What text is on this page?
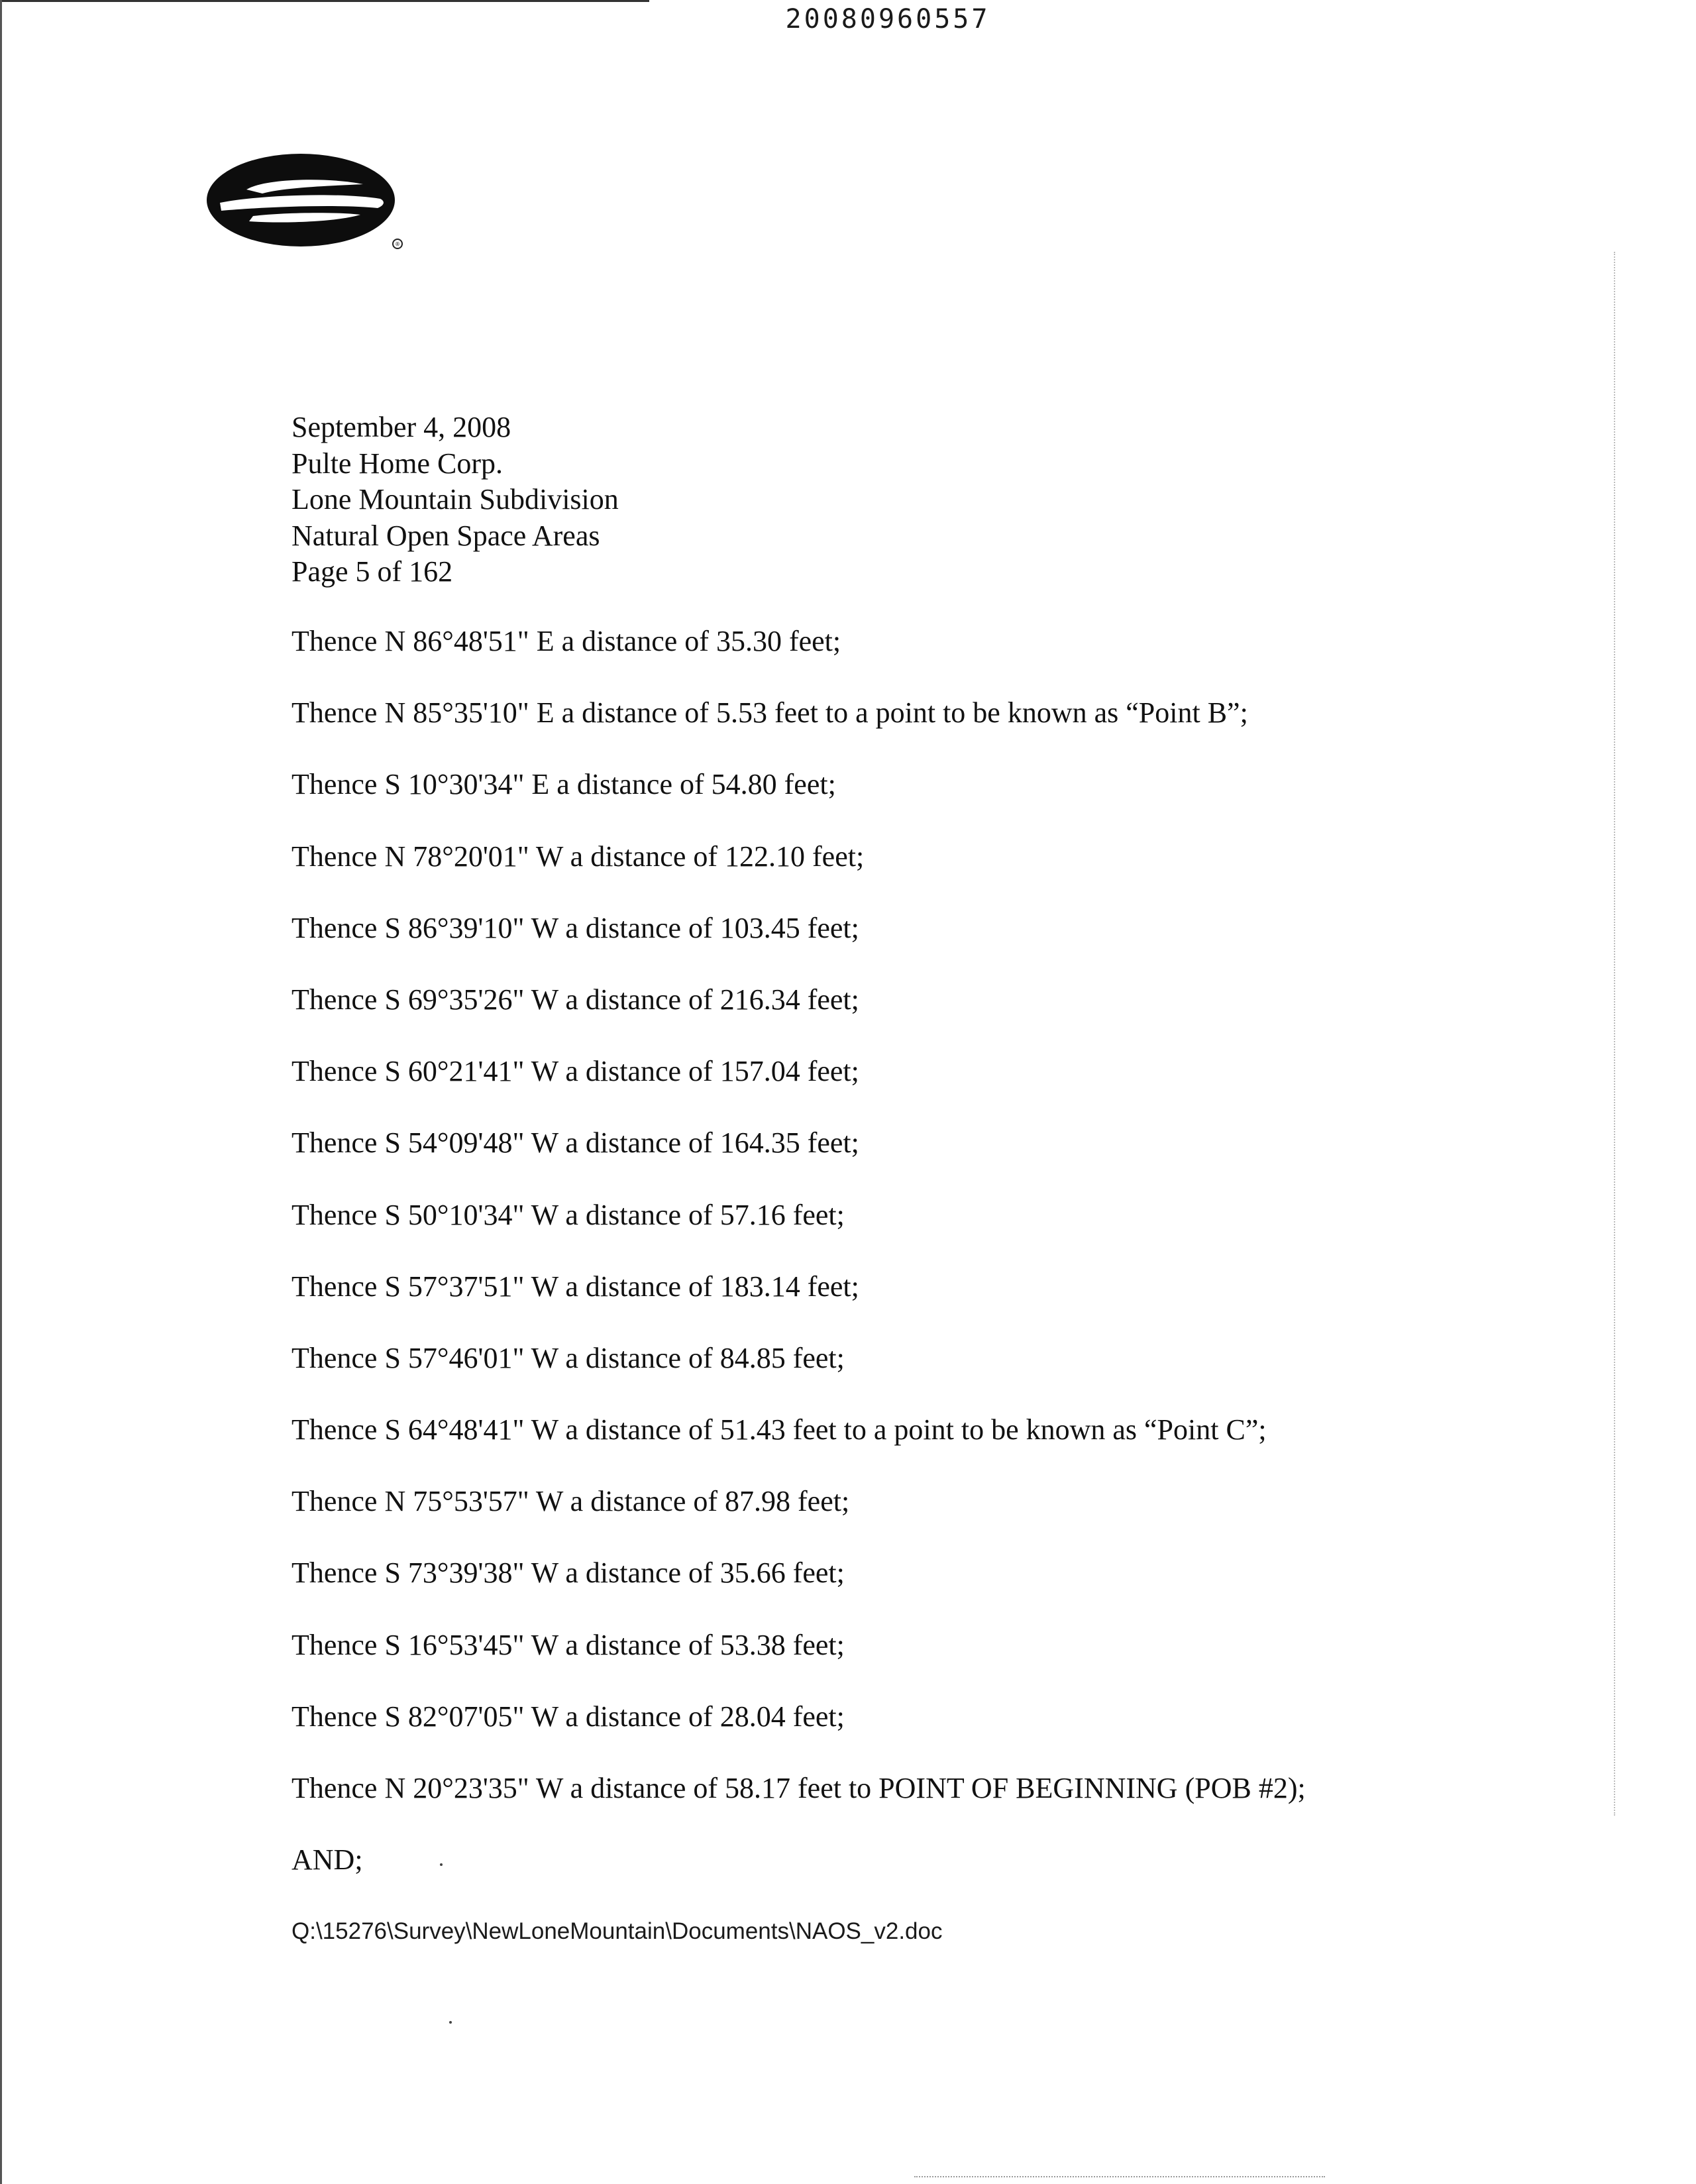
20080960557
®
September 4, 2008
Pulte Home Corp.
Lone Mountain Subdivision
Natural Open Space Areas
Page 5 of 162
Thence N 86°48'51" E a distance of 35.30 feet;
Thence N 85°35'10" E a distance of 5.53 feet to a point to be known as “Point B”;
Thence S 10°30'34" E a distance of 54.80 feet;
Thence N 78°20'01" W a distance of 122.10 feet;
Thence S 86°39'10" W a distance of 103.45 feet;
Thence S 69°35'26" W a distance of 216.34 feet;
Thence S 60°21'41" W a distance of 157.04 feet;
Thence S 54°09'48" W a distance of 164.35 feet;
Thence S 50°10'34" W a distance of 57.16 feet;
Thence S 57°37'51" W a distance of 183.14 feet;
Thence S 57°46'01" W a distance of 84.85 feet;
Thence S 64°48'41" W a distance of 51.43 feet to a point to be known as “Point C”;
Thence N 75°53'57" W a distance of 87.98 feet;
Thence S 73°39'38" W a distance of 35.66 feet;
Thence S 16°53'45" W a distance of 53.38 feet;
Thence S 82°07'05" W a distance of 28.04 feet;
Thence N 20°23'35" W a distance of 58.17 feet to POINT OF BEGINNING (POB #2);
AND;
Q:\15276\Survey\NewLoneMountain\Documents\NAOS_v2.doc
